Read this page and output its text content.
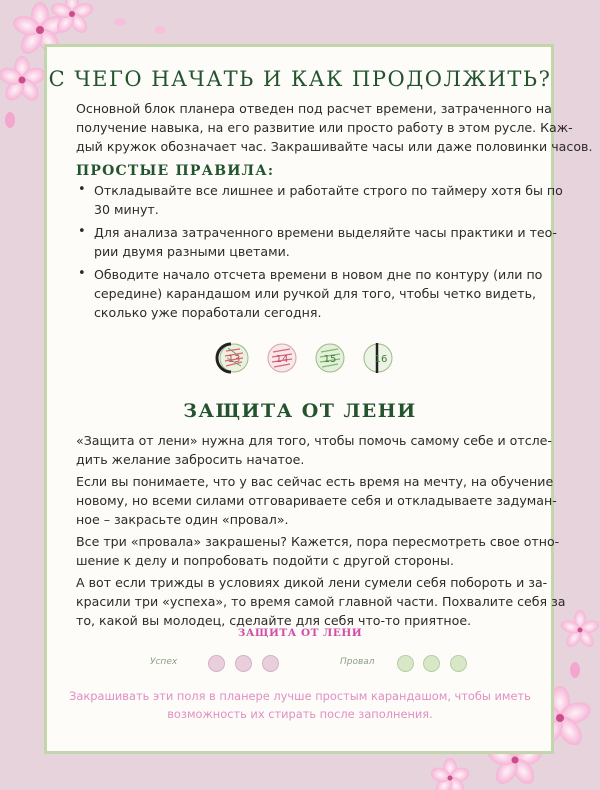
С ЧЕГО НАЧАТЬ И КАК ПРОДОЛЖИТЬ?
Основной блок планера отведен под расчет времени, затраченного на
получение навыка, на его развитие или просто работу в этом русле. Каж-
дый кружок обозначает час. Закрашивайте часы или даже половинки часов.
ПРОСТЫЕ ПРАВИЛА:
• Откладывайте все лишнее и работайте строго по таймеру хотя бы по
30 минут.
• Для анализа затраченного времени выделяйте часы практики и тео-
рии двумя разными цветами.
• Обводите начало отсчета времени в новом дне по контуру (или по
середине) карандашом или ручкой для того, чтобы четко видеть,
сколько уже поработали сегодня.
13	14	15	16
ЗАЩИТА ОТ ЛЕНИ
«Защита от лени» нужна для того, чтобы помочь самому себе и отсле-
дить желание забросить начатое.
Если вы понимаете, что у вас сейчас есть время на мечту, на обучение
новому, но всеми силами отговариваете себя и откладываете задуман-
ное – закрасьте один «провал».
Все три «провала» закрашены? Кажется, пора пересмотреть свое отно-
шение к делу и попробовать подойти с другой стороны.
А вот если трижды в условиях дикой лени сумели себя побороть и за-
красили три «успеха», то время самой главной части. Похвалите себя за
то, какой вы молодец, сделайте для себя что-то приятное.
ЗАЩИТА ОТ ЛЕНИ
Успех	Провал
Закрашивать эти поля в планере лучше простым карандашом, чтобы иметь
возможность их стирать после заполнения.
